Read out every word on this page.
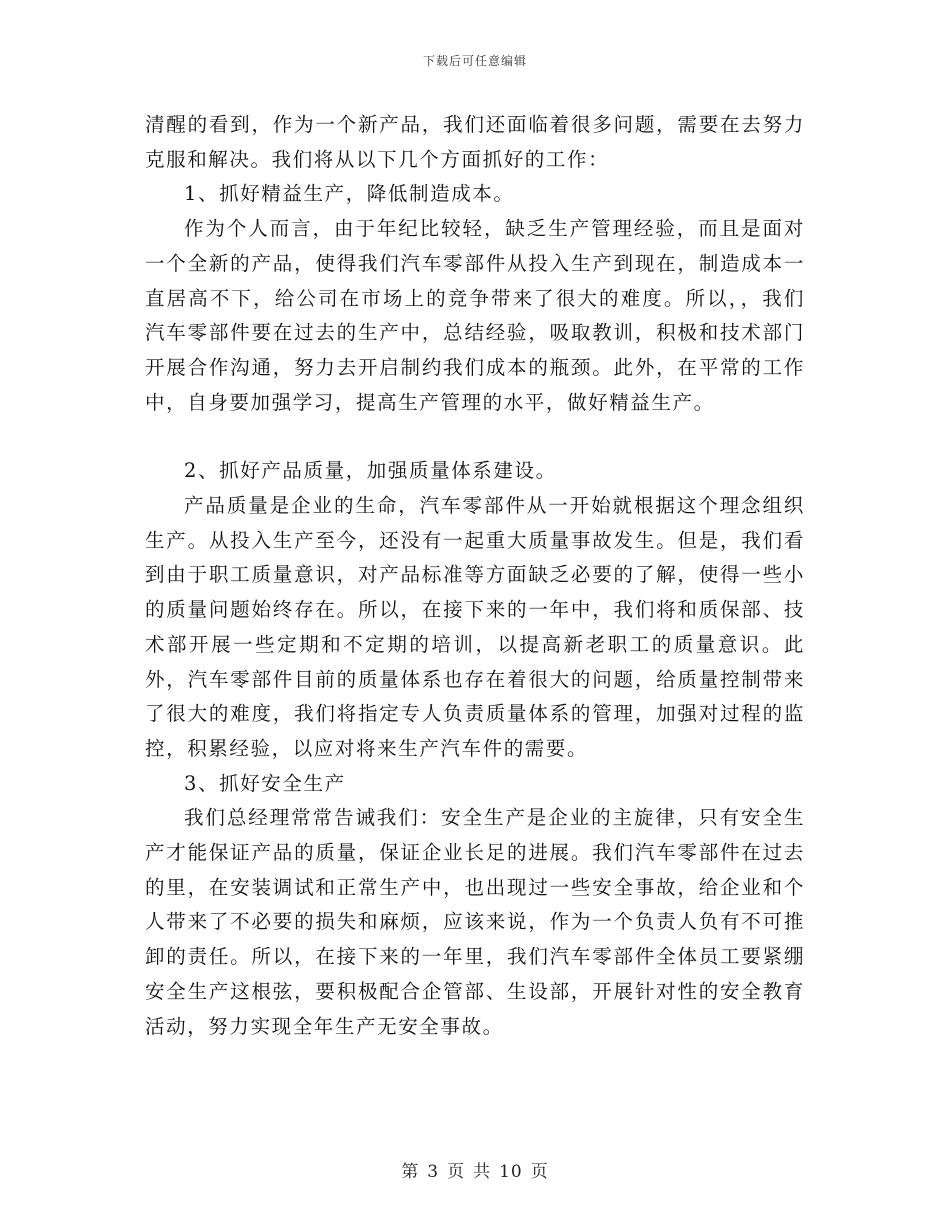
下载后可任意编辑

清醒的看到，作为一个新产品，我们还面临着很多问题，需要在去努力克服和解决。我们将从以下几个方面抓好的工作：

1、抓好精益生产，降低制造成本。

作为个人而言，由于年纪比较轻，缺乏生产管理经验，而且是面对一个全新的产品，使得我们汽车零部件从投入生产到现在，制造成本一直居高不下，给公司在市场上的竞争带来了很大的难度。所以，，我们汽车零部件要在过去的生产中，总结经验，吸取教训，积极和技术部门开展合作沟通，努力去开启制约我们成本的瓶颈。此外，在平常的工作中，自身要加强学习，提高生产管理的水平，做好精益生产。

2、抓好产品质量，加强质量体系建设。

产品质量是企业的生命，汽车零部件从一开始就根据这个理念组织生产。从投入生产至今，还没有一起重大质量事故发生。但是，我们看到由于职工质量意识，对产品标准等方面缺乏必要的了解，使得一些小的质量问题始终存在。所以，在接下来的一年中，我们将和质保部、技术部开展一些定期和不定期的培训，以提高新老职工的质量意识。此外，汽车零部件目前的质量体系也存在着很大的问题，给质量控制带来了很大的难度，我们将指定专人负责质量体系的管理，加强对过程的监控，积累经验，以应对将来生产汽车件的需要。

3、抓好安全生产

我们总经理常常告诫我们：安全生产是企业的主旋律，只有安全生产才能保证产品的质量，保证企业长足的进展。我们汽车零部件在过去的里，在安装调试和正常生产中，也出现过一些安全事故，给企业和个人带来了不必要的损失和麻烦，应该来说，作为一个负责人负有不可推卸的责任。所以，在接下来的一年里，我们汽车零部件全体员工要紧绷安全生产这根弦，要积极配合企管部、生设部，开展针对性的安全教育活动，努力实现全年生产无安全事故。

第 3 页 共 10 页
